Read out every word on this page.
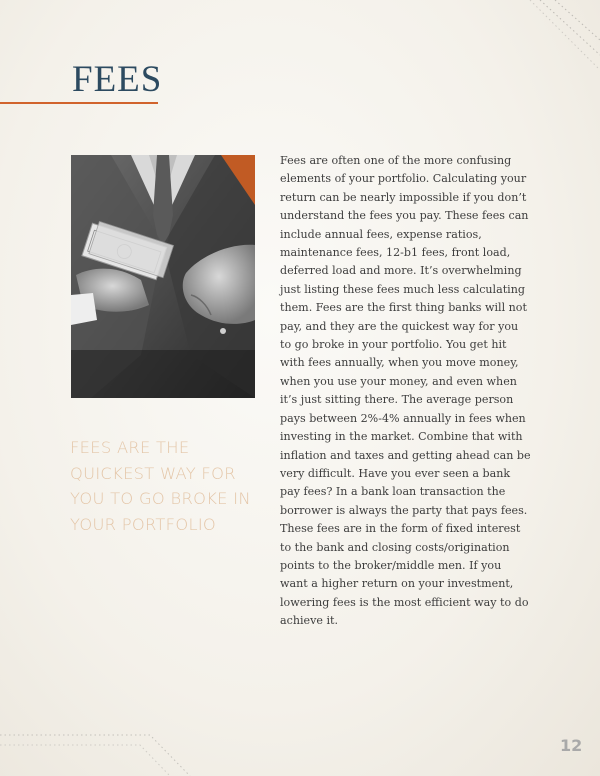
FEES

FEES ARE THE QUICKEST WAY FOR YOU TO GO BROKE IN YOUR PORTFOLIO

Fees are often one of the more confusing elements of your portfolio. Calculating your return can be nearly impossible if you don’t understand the fees you pay. These fees can include annual fees, expense ratios, maintenance fees, 12-b1 fees, front load, deferred load and more. It’s overwhelming just listing these fees much less calculating them. Fees are the first thing banks will not pay, and they are the quickest way for you to go broke in your portfolio. You get hit with fees annually, when you move money, when you use your money, and even when it’s just sitting there. The average person pays between 2%-4% annually in fees when investing in the market. Combine that with inflation and taxes and getting ahead can be very difficult. Have you ever seen a bank pay fees? In a bank loan transaction the borrower is always the party that pays fees. These fees are in the form of fixed interest to the bank and closing costs/origination points to the broker/middle men. If you want a higher return on your investment, lowering fees is the most efficient way to do achieve it.

12
